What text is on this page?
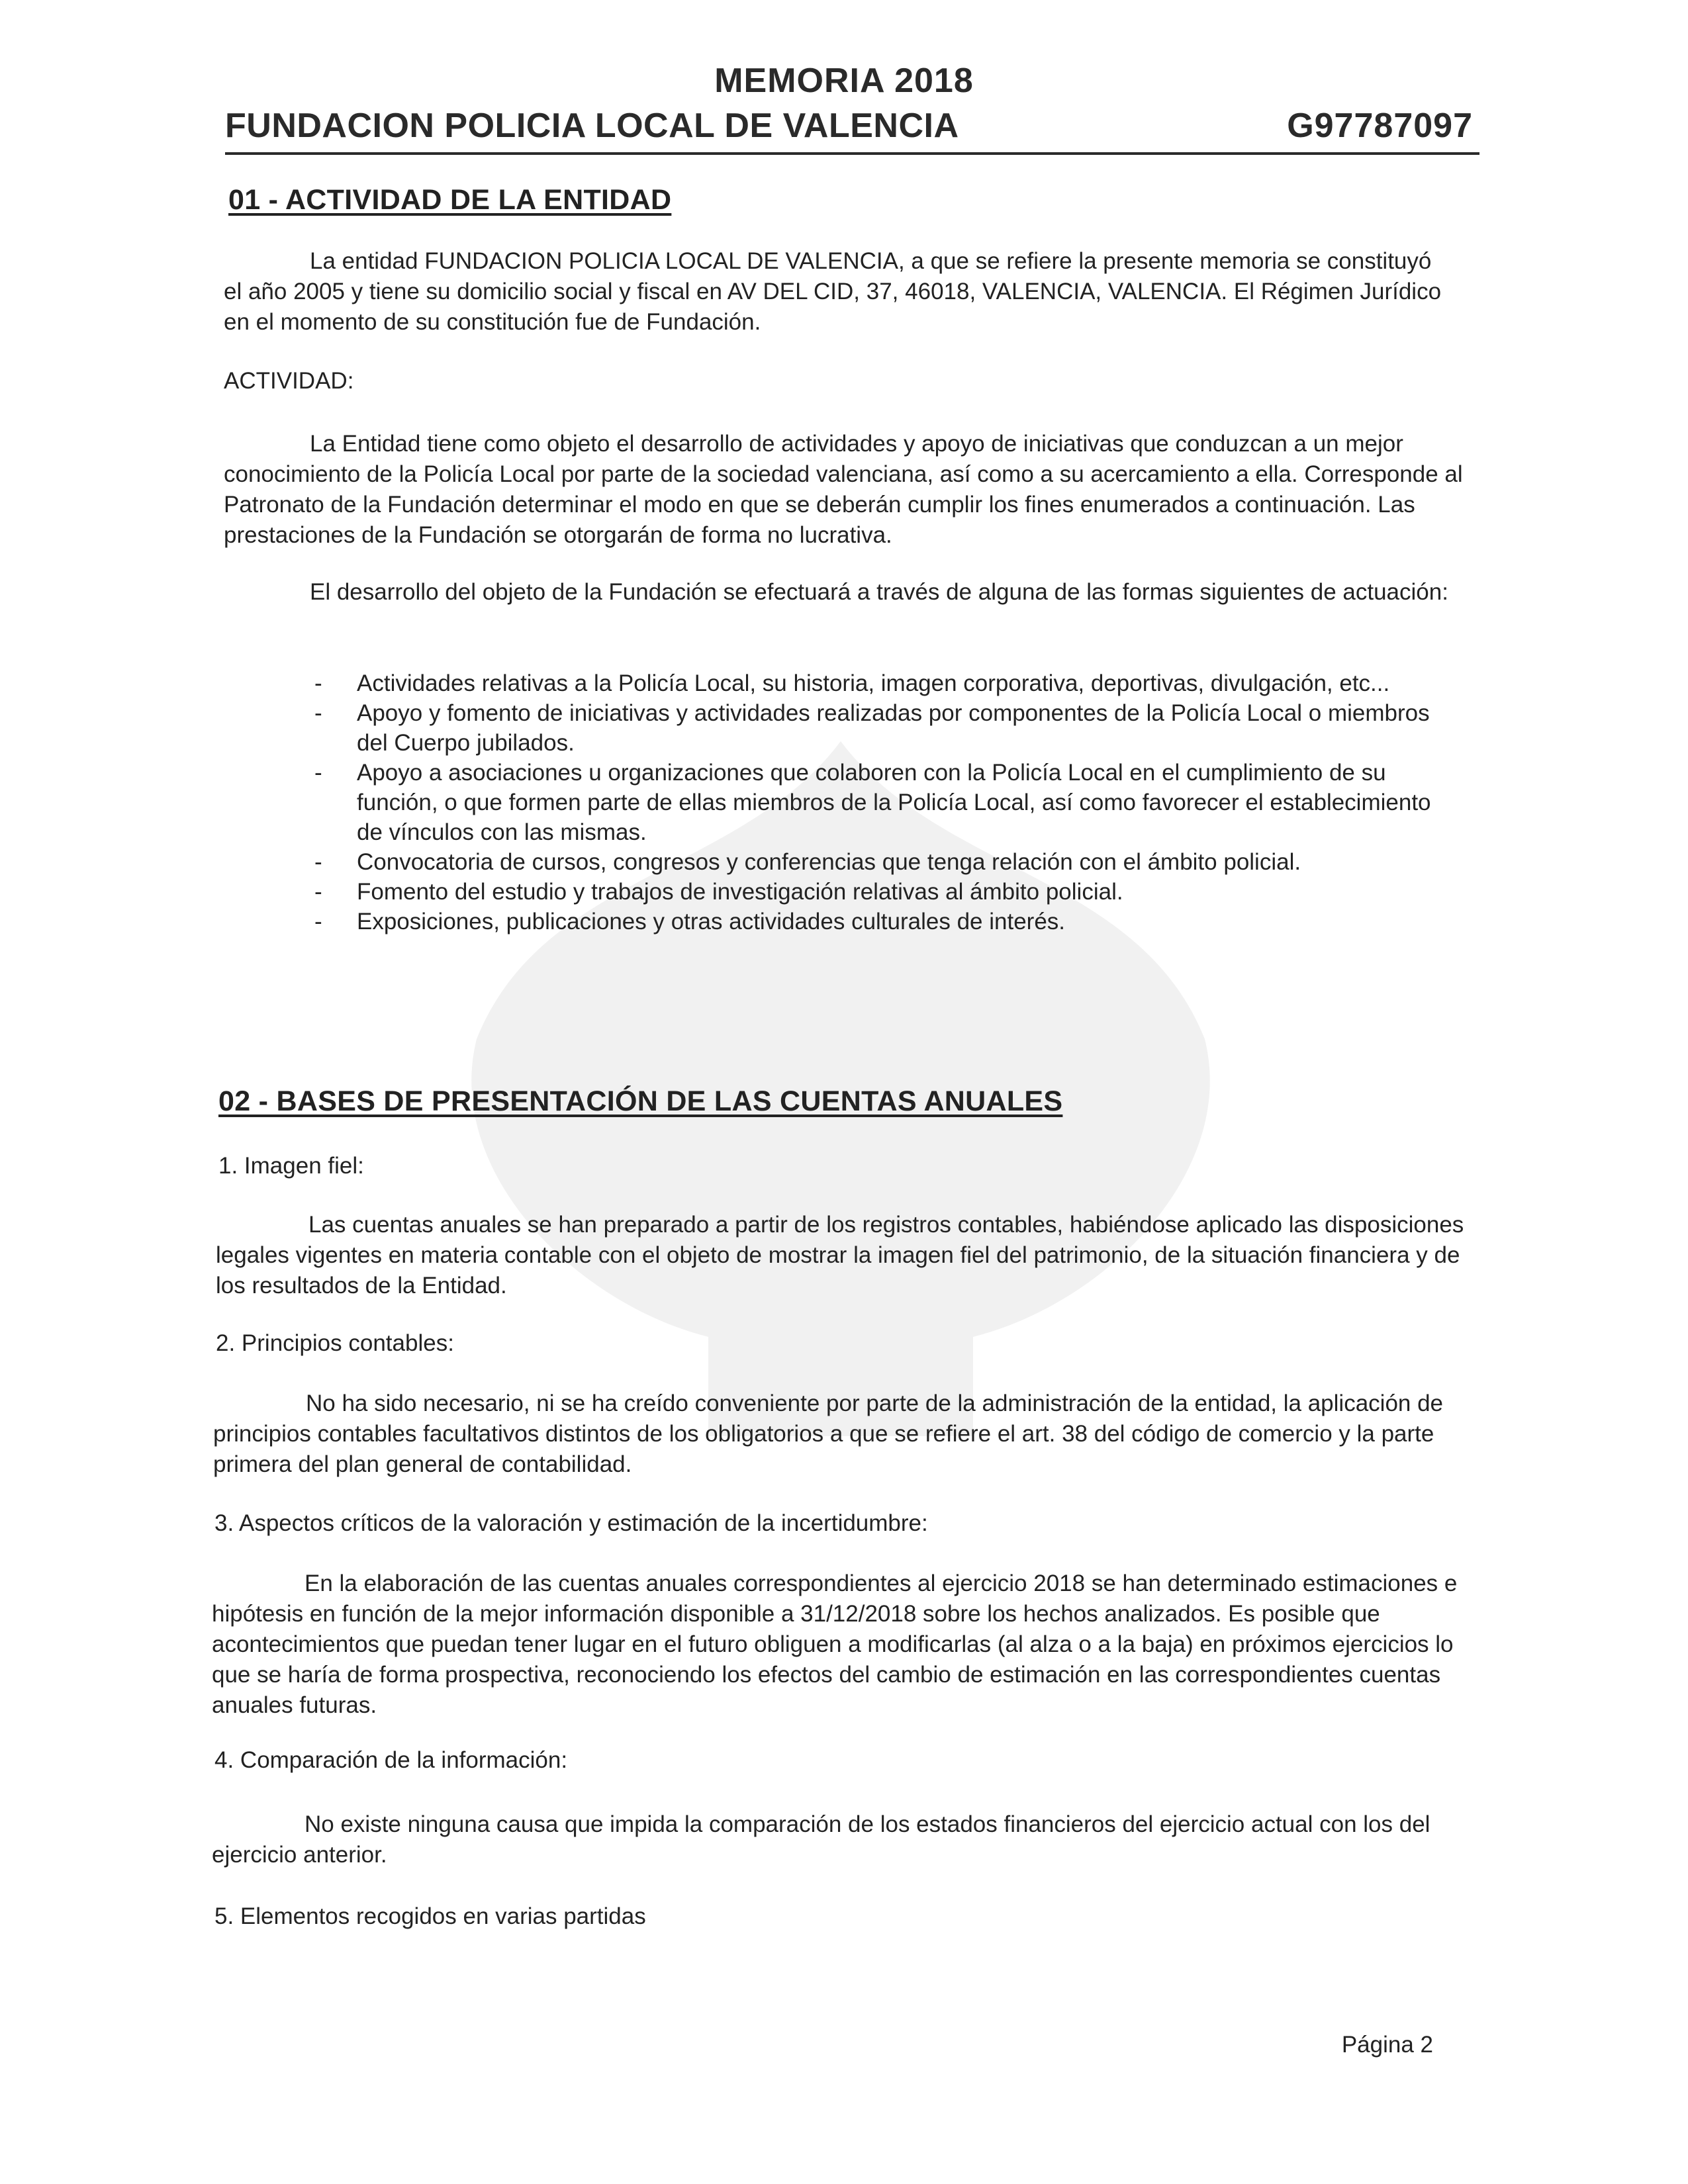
MEMORIA 2018
FUNDACION POLICIA LOCAL DE VALENCIA	G97787097
01 - ACTIVIDAD DE LA ENTIDAD

La entidad FUNDACION POLICIA LOCAL DE VALENCIA, a que se refiere la presente memoria se constituyó el año 2005 y tiene su domicilio social y fiscal en AV DEL CID, 37, 46018, VALENCIA, VALENCIA. El Régimen Jurídico en el momento de su constitución fue de Fundación.

ACTIVIDAD:

La Entidad tiene como objeto el desarrollo de actividades y apoyo de iniciativas que conduzcan a un mejor conocimiento de la Policía Local por parte de la sociedad valenciana, así como a su acercamiento a ella. Corresponde al Patronato de la Fundación determinar el modo en que se deberán cumplir los fines enumerados a continuación. Las prestaciones de la Fundación se otorgarán de forma no lucrativa.

El desarrollo del objeto de la Fundación se efectuará a través de alguna de las formas siguientes de actuación:

- Actividades relativas a la Policía Local, su historia, imagen corporativa, deportivas, divulgación, etc...
- Apoyo y fomento de iniciativas y actividades realizadas por componentes de la Policía Local o miembros del Cuerpo jubilados.
- Apoyo a asociaciones u organizaciones que colaboren con la Policía Local en el cumplimiento de su función, o que formen parte de ellas miembros de la Policía Local, así como favorecer el establecimiento de vínculos con las mismas.
- Convocatoria de cursos, congresos y conferencias que tenga relación con el ámbito policial.
- Fomento del estudio y trabajos de investigación relativas al ámbito policial.
- Exposiciones, publicaciones y otras actividades culturales de interés.
02 - BASES DE PRESENTACIÓN DE LAS CUENTAS ANUALES
1. Imagen fiel:

Las cuentas anuales se han preparado a partir de los registros contables, habiéndose aplicado las disposiciones legales vigentes en materia contable con el objeto de mostrar la imagen fiel del patrimonio, de la situación financiera y de los resultados de la Entidad.

2. Principios contables:

No ha sido necesario, ni se ha creído conveniente por parte de la administración de la entidad, la aplicación de principios contables facultativos distintos de los obligatorios a que se refiere el art. 38 del código de comercio y la parte primera del plan general de contabilidad.

3. Aspectos críticos de la valoración y estimación de la incertidumbre:

En la elaboración de las cuentas anuales correspondientes al ejercicio 2018 se han determinado estimaciones e hipótesis en función de la mejor información disponible a 31/12/2018 sobre los hechos analizados. Es posible que acontecimientos que puedan tener lugar en el futuro obliguen a modificarlas (al alza o a la baja) en próximos ejercicios lo que se haría de forma prospectiva, reconociendo los efectos del cambio de estimación en las correspondientes cuentas anuales futuras.

4. Comparación de la información:

No existe ninguna causa que impida la comparación de los estados financieros del ejercicio actual con los del ejercicio anterior.

5. Elementos recogidos en varias partidas
Página 2
